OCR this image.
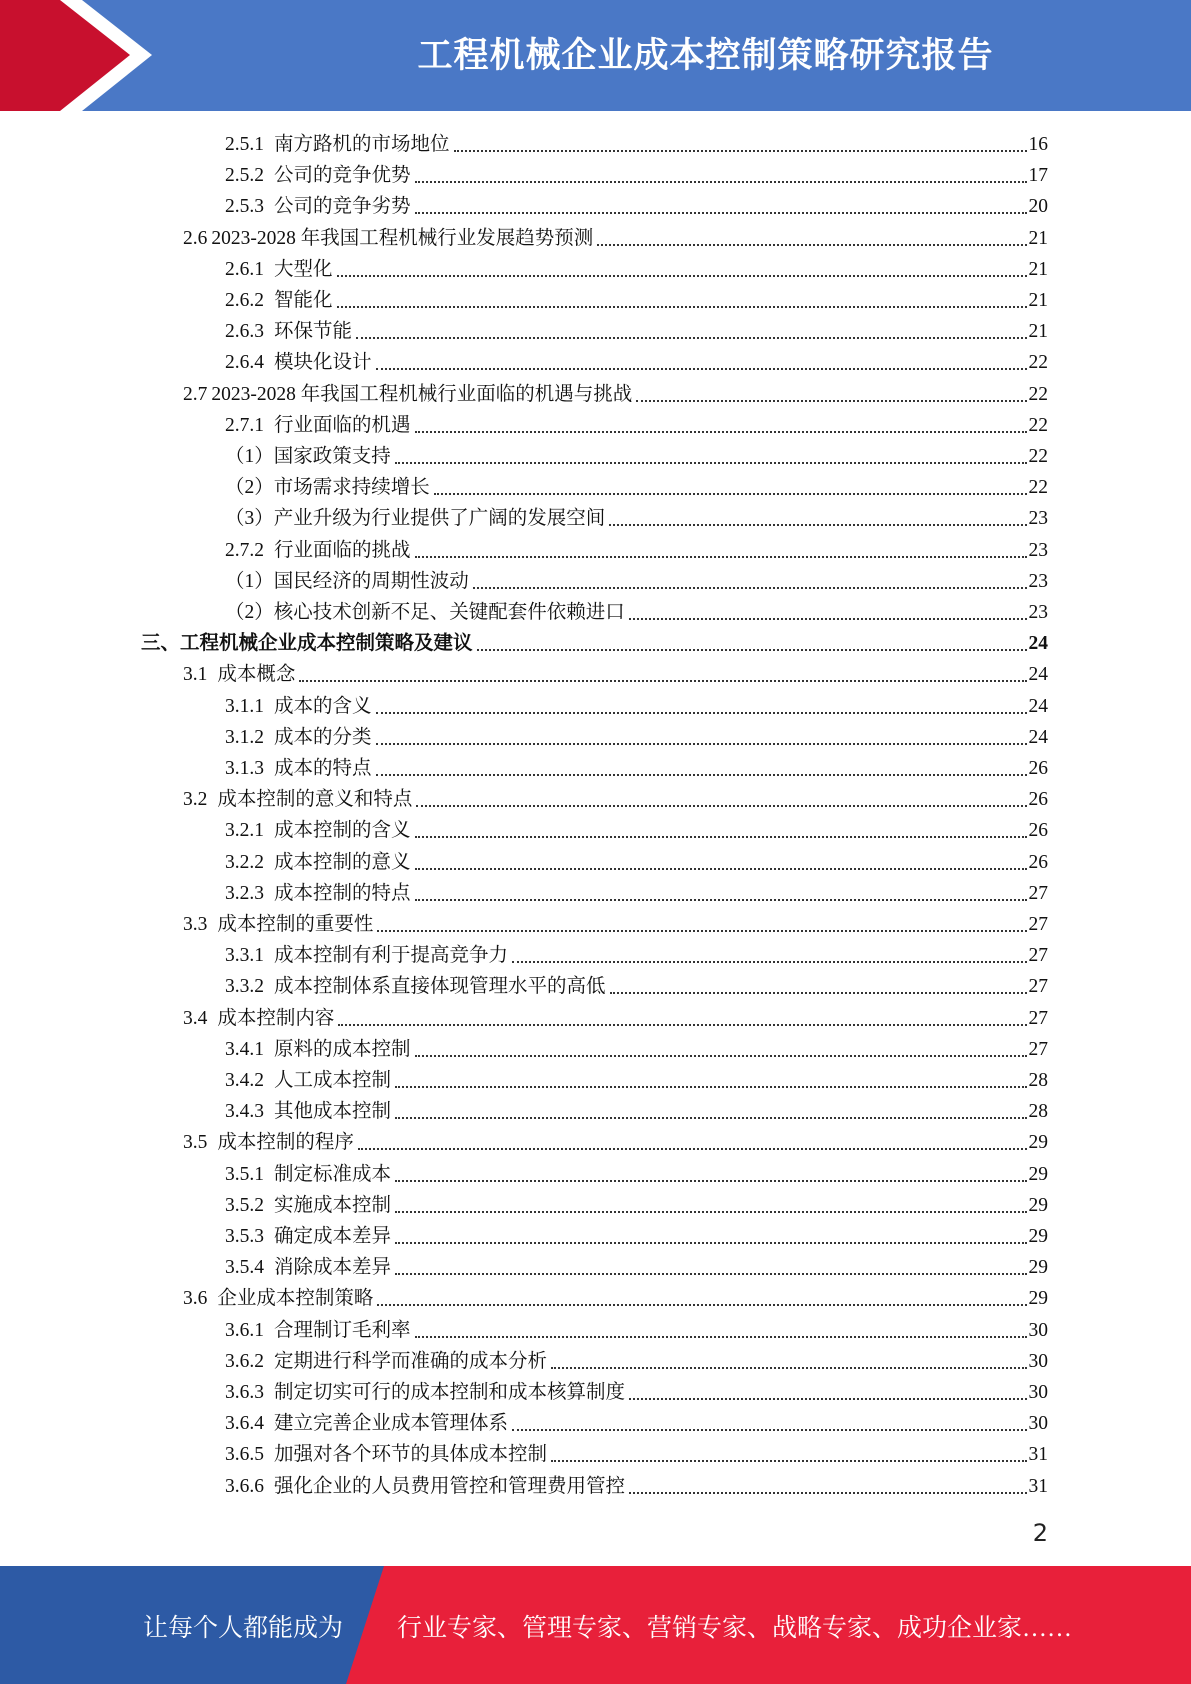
工程机械企业成本控制策略研究报告
2.5.1 南方路机的市场地位	16
2.5.2 公司的竞争优势	17
2.5.3 公司的竞争劣势	20
2.6 2023-2028 年我国工程机械行业发展趋势预测	21
2.6.1 大型化	21
2.6.2 智能化	21
2.6.3 环保节能	21
2.6.4 模块化设计	22
2.7 2023-2028 年我国工程机械行业面临的机遇与挑战	22
2.7.1 行业面临的机遇	22
（1） 国家政策支持	22
（2） 市场需求持续增长	22
（3） 产业升级为行业提供了广阔的发展空间	23
2.7.2 行业面临的挑战	23
（1） 国民经济的周期性波动	23
（2） 核心技术创新不足、关键配套件依赖进口	23
三、 工程机械企业成本控制策略及建议	24
3.1 成本概念	24
3.1.1 成本的含义	24
3.1.2 成本的分类	24
3.1.3 成本的特点	26
3.2 成本控制的意义和特点	26
3.2.1 成本控制的含义	26
3.2.2 成本控制的意义	26
3.2.3 成本控制的特点	27
3.3 成本控制的重要性	27
3.3.1 成本控制有利于提高竞争力	27
3.3.2 成本控制体系直接体现管理水平的高低	27
3.4 成本控制内容	27
3.4.1 原料的成本控制	27
3.4.2 人工成本控制	28
3.4.3 其他成本控制	28
3.5 成本控制的程序	29
3.5.1 制定标准成本	29
3.5.2 实施成本控制	29
3.5.3 确定成本差异	29
3.5.4 消除成本差异	29
3.6 企业成本控制策略	29
3.6.1 合理制订毛利率	30
3.6.2 定期进行科学而准确的成本分析	30
3.6.3 制定切实可行的成本控制和成本核算制度	30
3.6.4 建立完善企业成本管理体系	30
3.6.5 加强对各个环节的具体成本控制	31
3.6.6 强化企业的人员费用管控和管理费用管控	31
2
让每个人都能成为 行业专家、管理专家、营销专家、战略专家、成功企业家……
